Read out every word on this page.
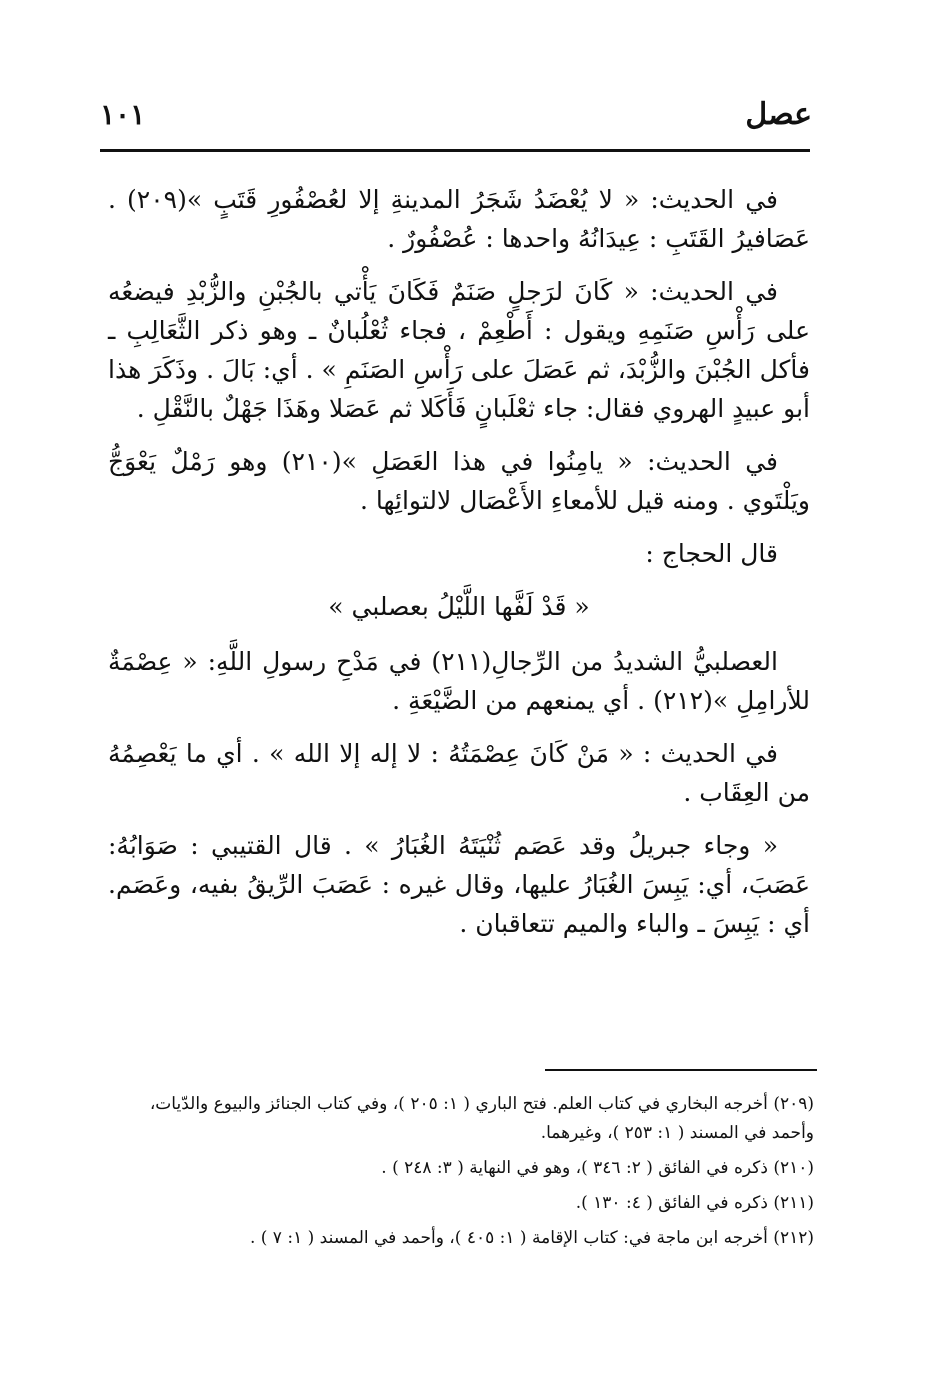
عصل
١٠١

في الحديث: « لا يُعْضَدُ شَجَرُ المدينةِ إلا لعُصْفُورِ قَتَبٍ »(٢٠٩) . عَصَافيرُ القَتَبِ : عِيدَانُهُ واحدها : عُصْفُورٌ .

في الحديث: « كَانَ لرَجلٍ صَنَمٌ فَكَانَ يَأْتي بالجُبْنِ والزُّبْدِ فيضعُه على رَأْسِ صَنَمِهِ ويقول : أَطْعِمْ ، فجاء ثُعْلُبانٌ ـ وهو ذكر الثَّعَالِبِ ـ فأكل الجُبْنَ والزُّبْدَ، ثم عَصَلَ على رَأْسِ الصَنَمِ » . أي: بَالَ . وذَكَرَ هذا أبو عبيدٍ الهروي فقال: جاء ثعْلَبانٍ فَأَكَلا ثم عَصَلا وهَذَا جَهْلٌ بالنَّقْلِ .

في الحديث: « يامِنُوا في هذا العَصَلِ »(٢١٠) وهو رَمْلٌ يَعْوَجُّ ويَلْتَوي . ومنه قيل للأمعاءِ الأَعْصَال لالتوائِها .

قال الحجاج :

« قَدْ لَفَّها اللَّيْلُ بعصلبي »

العصلبيُّ الشديدُ من الرِّجالِ(٢١١) في مَدْحِ رسولِ اللَّهِ: « عِصْمَةٌ للأرامِلِ »(٢١٢) . أي يمنعهم من الضَّيْعَةِ .

في الحديث : « مَنْ كَانَ عِصْمَتُهُ : لا إله إلا الله » . أي ما يَعْصِمُهُ من العِقَاب .

« وجاء جبريلُ وقد عَصَم ثُنْيَتَهُ الغُبَارُ » . قال القتيبي : صَوَابُهُ: عَصَبَ، أي: يَبِسَ الغُبَارُ عليها، وقال غيره : عَصَبَ الرِّيقُ بفيه، وعَصَم. أي : يَبِسَ ـ والباء والميم تتعاقبان .

(٢٠٩) أخرجه البخاري في كتاب العلم. فتح الباري ( ١: ٢٠٥ )، وفي كتاب الجنائز والبيوع والدّيات، وأحمد في المسند ( ١: ٢٥٣ )، وغيرهما.

(٢١٠) ذكره في الفائق ( ٢: ٣٤٦ )، وهو في النهاية ( ٣: ٢٤٨ ) .

(٢١١) ذكره في الفائق ( ٤: ١٣٠ ).

(٢١٢) أخرجه ابن ماجة في: كتاب الإقامة ( ١: ٤٠٥ )، وأحمد في المسند ( ١: ٧ ) .
